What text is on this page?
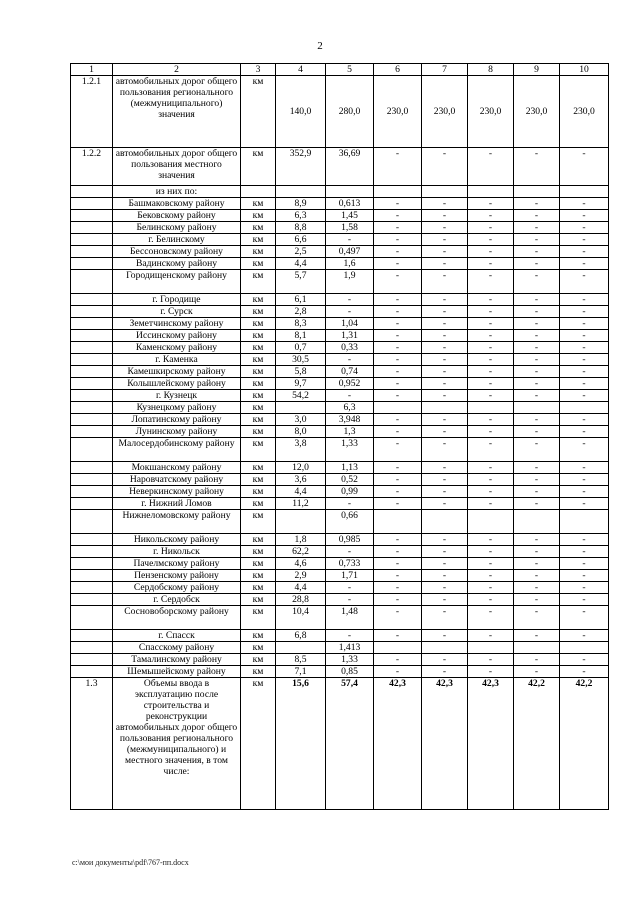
2
1	2	3	4	5	6	7	8	9	10
1.2.1	автомобильных дорог общего пользования регионального (межмуниципального) значения	км	140,0	280,0	230,0	230,0	230,0	230,0	230,0
1.2.2	автомобильных дорог общего пользования местного значения	км	352,9	36,69	-	-	-	-	-
	из них по:								
	Башмаковскому району	км	8,9	0,613	-	-	-	-	-
	Бековскому району	км	6,3	1,45	-	-	-	-	-
	Белинскому району	км	8,8	1,58	-	-	-	-	-
	г. Белинскому	км	6,6	-	-	-	-	-	-
	Бессоновскому району	км	2,5	0,497	-	-	-	-	-
	Вадинскому району	км	4,4	1,6	-	-	-	-	-
	Городищенскому району	км	5,7	1,9	-	-	-	-	-
	г. Городище	км	6,1	-	-	-	-	-	-
	г. Сурск	км	2,8	-	-	-	-	-	-
	Земетчинскому району	км	8,3	1,04	-	-	-	-	-
	Иссинскому району	км	8,1	1,31	-	-	-	-	-
	Каменскому району	км	0,7	0,33	-	-	-	-	-
	г. Каменка	км	30,5	-	-	-	-	-	-
	Камешкирскому району	км	5,8	0,74	-	-	-	-	-
	Колышлейскому району	км	9,7	0,952	-	-	-	-	-
	г. Кузнецк	км	54,2	-	-	-	-	-	-
	Кузнецкому району	км		6,3					
	Лопатинскому району	км	3,0	3,948	-	-	-	-	-
	Лунинскому району	км	8,0	1,3	-	-	-	-	-
	Малосердобинскому району	км	3,8	1,33	-	-	-	-	-
	Мокшанскому району	км	12,0	1,13	-	-	-	-	-
	Наровчатскому району	км	3,6	0,52	-	-	-	-	-
	Неверкинскому району	км	4,4	0,99	-	-	-	-	-
	г. Нижний Ломов	км	11,2	-	-	-	-	-	-
	Нижнеломовскому району	км		0,66					
	Никольскому району	км	1,8	0,985	-	-	-	-	-
	г. Никольск	км	62,2	-	-	-	-	-	-
	Пачелмскому району	км	4,6	0,733	-	-	-	-	-
	Пензенскому району	км	2,9	1,71	-	-	-	-	-
	Сердобскому району	км	4,4	-	-	-	-	-	-
	г. Сердобск	км	28,8	-	-	-	-	-	-
	Сосновоборскому району	км	10,4	1,48	-	-	-	-	-
	г. Спасск	км	6,8	-	-	-	-	-	-
	Спасскому району	км		1,413					
	Тамалинскому району	км	8,5	1,33	-	-	-	-	-
	Шемышейскому району	км	7,1	0,85	-	-	-	-	-
1.3	Объемы ввода в эксплуатацию после строительства и реконструкции автомобильных дорог общего пользования регионального (межмуниципального) и местного значения, в том числе:	км	15,6	57,4	42,3	42,3	42,3	42,2	42,2
c:\мои документы\pdf\767-пп.docx
